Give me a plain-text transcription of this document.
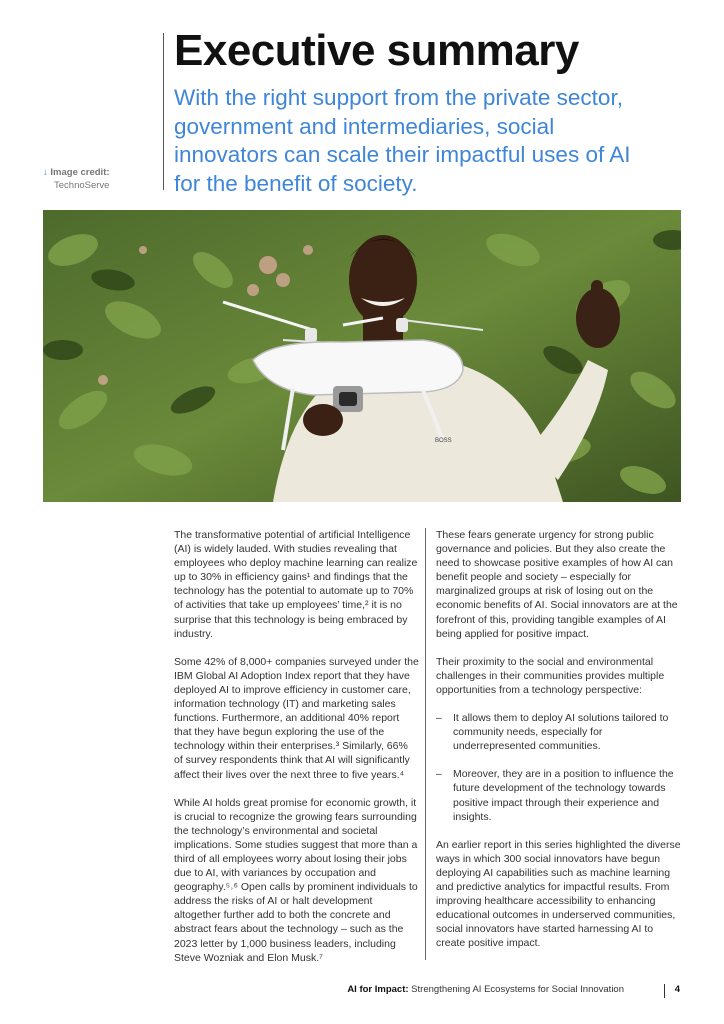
Executive summary

With the right support from the private sector, government and intermediaries, social innovators can scale their impactful uses of AI for the benefit of society.

↓ Image credit:
TechnoServe
BOSS

The transformative potential of artificial Intelligence (AI) is widely lauded. With studies revealing that employees who deploy machine learning can realize up to 30% in efficiency gains¹ and findings that the technology has the potential to automate up to 70% of activities that take up employees’ time,² it is no surprise that this technology is being embraced by industry.

Some 42% of 8,000+ companies surveyed under the IBM Global AI Adoption Index report that they have deployed AI to improve efficiency in customer care, information technology (IT) and marketing sales functions. Furthermore, an additional 40% report that they have begun exploring the use of the technology within their enterprises.³ Similarly, 66% of survey respondents think that AI will significantly affect their lives over the next three to five years.⁴

While AI holds great promise for economic growth, it is crucial to recognize the growing fears surrounding the technology’s environmental and societal implications. Some studies suggest that more than a third of all employees worry about losing their jobs due to AI, with variances by occupation and geography.⁵˒⁶ Open calls by prominent individuals to address the risks of AI or halt development altogether further add to both the concrete and abstract fears about the technology – such as the 2023 letter by 1,000 business leaders, including Steve Wozniak and Elon Musk.⁷

These fears generate urgency for strong public governance and policies. But they also create the need to showcase positive examples of how AI can benefit people and society – especially for marginalized groups at risk of losing out on the economic benefits of AI. Social innovators are at the forefront of this, providing tangible examples of AI being applied for positive impact.

Their proximity to the social and environmental challenges in their communities provides multiple opportunities from a technology perspective:

–	It allows them to deploy AI solutions tailored to community needs, especially for underrepresented communities.
–	Moreover, they are in a position to influence the future development of the technology towards positive impact through their experience and insights.

An earlier report in this series highlighted the diverse ways in which 300 social innovators have begun deploying AI capabilities such as machine learning and predictive analytics for impactful results. From improving healthcare accessibility to enhancing educational outcomes in underserved communities, social innovators have started harnessing AI to create positive impact.

AI for Impact: Strengthening AI Ecosystems for Social Innovation	4
